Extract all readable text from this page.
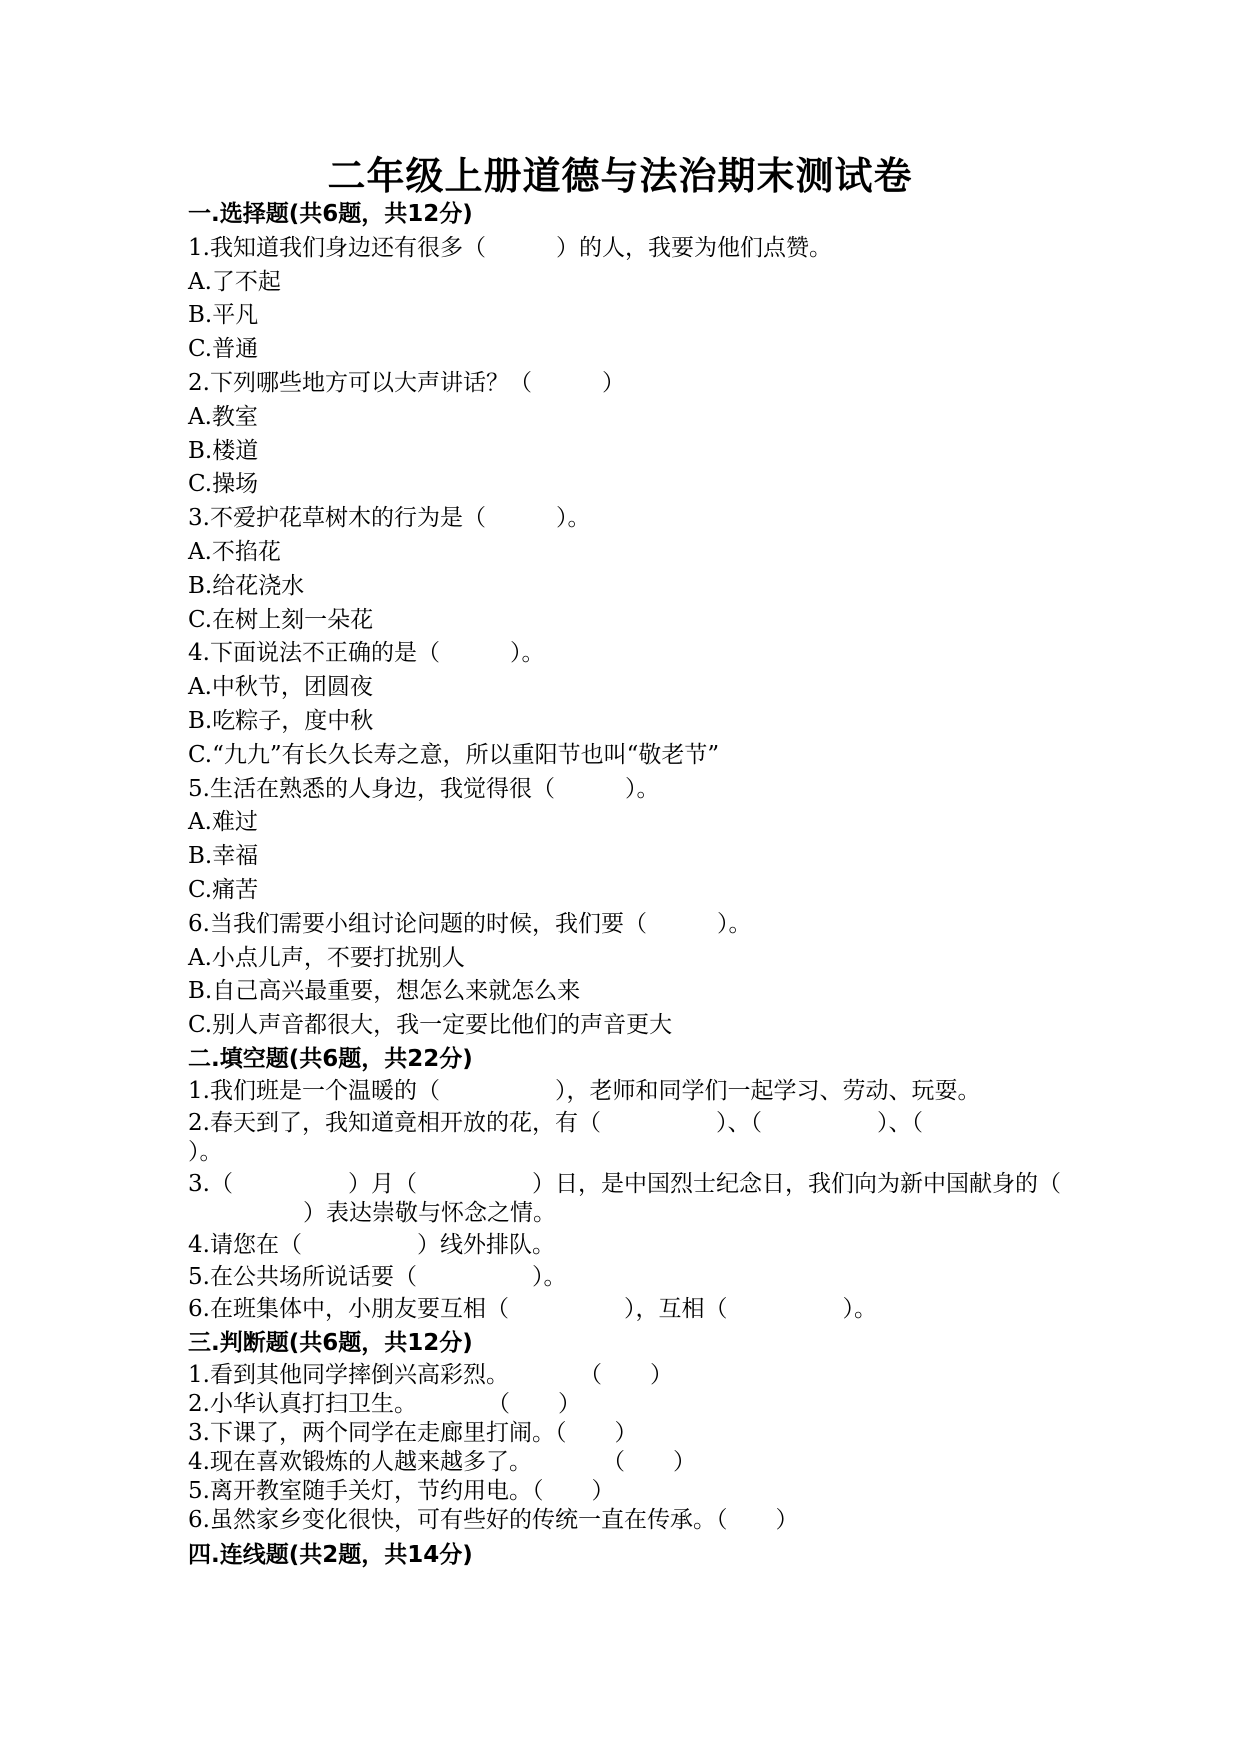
二年级上册道德与法治期末测试卷
一.选择题(共6题，共12分)
1.我知道我们身边还有很多（	）的人，我要为他们点赞。
A.了不起
B.平凡
C.普通
2.下列哪些地方可以大声讲话？（	）
A.教室
B.楼道
C.操场
3.不爱护花草树木的行为是（	）。
A.不掐花
B.给花浇水
C.在树上刻一朵花
4.下面说法不正确的是（	）。
A.中秋节，团圆夜
B.吃粽子，度中秋
C.“九九”有长久长寿之意，所以重阳节也叫“敬老节”
5.生活在熟悉的人身边，我觉得很（	）。
A.难过
B.幸福
C.痛苦
6.当我们需要小组讨论问题的时候，我们要（	）。
A.小点儿声，不要打扰别人
B.自己高兴最重要，想怎么来就怎么来
C.别人声音都很大，我一定要比他们的声音更大
二.填空题(共6题，共22分)
1.我们班是一个温暖的（	），老师和同学们一起学习、劳动、玩耍。
2.春天到了，我知道竟相开放的花，有（	）、（	）、（）。
3.（	）月（	）日，是中国烈士纪念日，我们向为新中国献身的（）表达崇敬与怀念之情。
4.请您在（	）线外排队。
5.在公共场所说话要（	）。
6.在班集体中，小朋友要互相（	），互相（	）。
三.判断题(共6题，共12分)
1.看到其他同学摔倒兴高彩烈。	（ ）
2.小华认真打扫卫生。	（ ）
3.下课了，两个同学在走廊里打闹。（ ）
4.现在喜欢锻炼的人越来越多了。	（ ）
5.离开教室随手关灯，节约用电。（ ）
6.虽然家乡变化很快，可有些好的传统一直在传承。（ ）
四.连线题(共2题，共14分)
